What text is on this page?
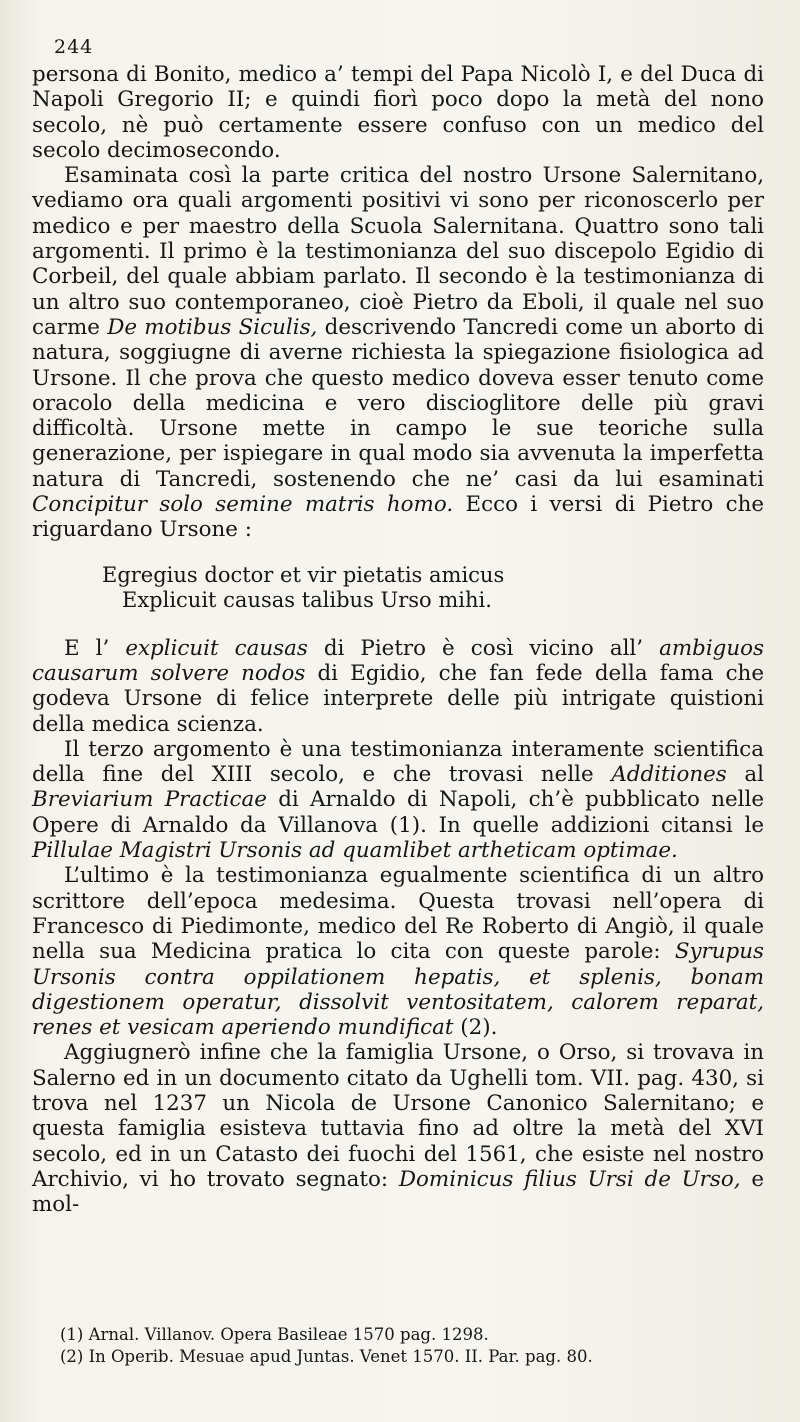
244

persona di Bonito, medico a’ tempi del Papa Nicolò I, e del Duca di Napoli Gregorio II; e quindi fiorì poco dopo la metà del nono secolo, nè può certamente essere confuso con un medico del secolo decimosecondo.

Esaminata così la parte critica del nostro Ursone Salernitano, vediamo ora quali argomenti positivi vi sono per riconoscerlo per medico e per maestro della Scuola Salernitana. Quattro sono tali argomenti. Il primo è la testimonianza del suo discepolo Egidio di Corbeil, del quale abbiam parlato. Il secondo è la testimonianza di un altro suo contemporaneo, cioè Pietro da Eboli, il quale nel suo carme De motibus Siculis, descrivendo Tancredi come un aborto di natura, soggiugne di averne richiesta la spiegazione fisiologica ad Ursone. Il che prova che questo medico doveva esser tenuto come oracolo della medicina e vero discioglitore delle più gravi difficoltà. Ursone mette in campo le sue teoriche sulla generazione, per ispiegare in qual modo sia avvenuta la imperfetta natura di Tancredi, sostenendo che ne’ casi da lui esaminati Concipitur solo semine matris homo. Ecco i versi di Pietro che riguardano Ursone :

Egregius doctor et vir pietatis amicus
Explicuit causas talibus Urso mihi.

E l’ explicuit causas di Pietro è così vicino all’ ambiguos causarum solvere nodos di Egidio, che fan fede della fama che godeva Ursone di felice interprete delle più intrigate quistioni della medica scienza.

Il terzo argomento è una testimonianza interamente scientifica della fine del XIII secolo, e che trovasi nelle Additiones al Breviarium Practicae di Arnaldo di Napoli, ch’è pubblicato nelle Opere di Arnaldo da Villanova (1). In quelle addizioni citansi le Pillulae Magistri Ursonis ad quamlibet artheticam optimae.

L’ultimo è la testimonianza egualmente scientifica di un altro scrittore dell’epoca medesima. Questa trovasi nell’opera di Francesco di Piedimonte, medico del Re Roberto di Angiò, il quale nella sua Medicina pratica lo cita con queste parole: Syrupus Ursonis contra oppilationem hepatis, et splenis, bonam digestionem operatur, dissolvit ventositatem, calorem reparat, renes et vesicam aperiendo mundificat (2).

Aggiugnerò infine che la famiglia Ursone, o Orso, si trovava in Salerno ed in un documento citato da Ughelli tom. VII. pag. 430, si trova nel 1237 un Nicola de Ursone Canonico Salernitano; e questa famiglia esisteva tuttavia fino ad oltre la metà del XVI secolo, ed in un Catasto dei fuochi del 1561, che esiste nel nostro Archivio, vi ho trovato segnato: Dominicus filius Ursi de Urso, e mol-

(1) Arnal. Villanov. Opera Basileae 1570 pag. 1298.
(2) In Operib. Mesuae apud Juntas. Venet 1570. II. Par. pag. 80.
